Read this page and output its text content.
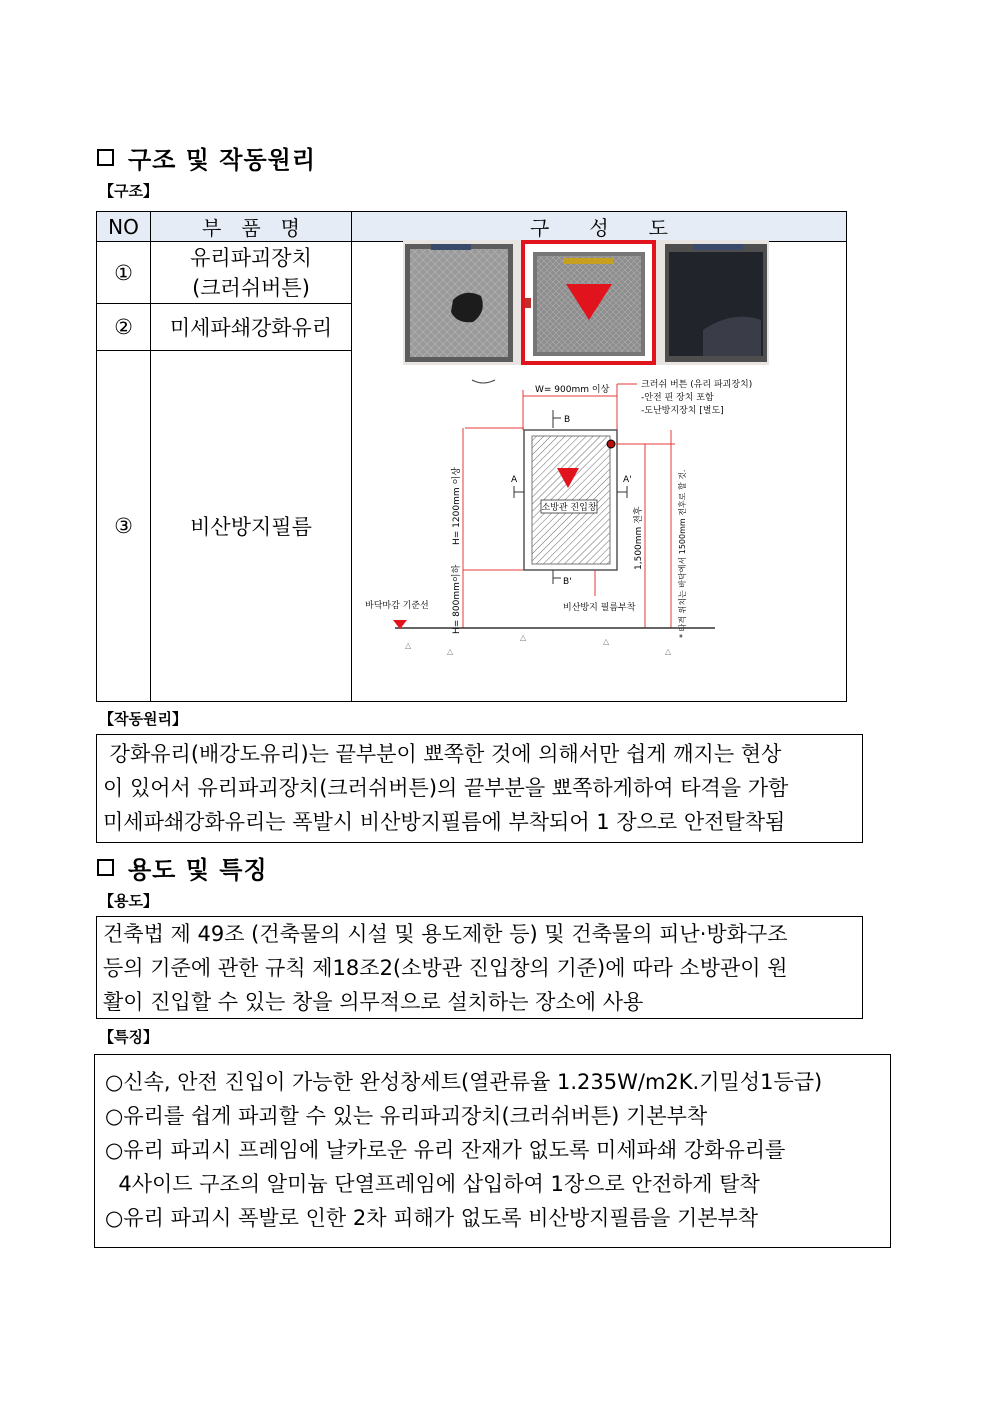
구조 및 작동원리
【구조】
NO	부　품　명	구　　성　　도
①	유리파괴장치
(크러쉬버튼)	

②	미세파쇄강화유리	
③	비산방지필름	
W= 900mm 이상	크러쉬 버튼 (유리 파괴장치)
-안전 핀 장치 포함
-도난방지장치 [별도]
B
소방관 진입창
A	A'
B'
H= 1200mm 이상
H= 800mm이하
1,500mm 전후	* 타격 위치는 바닥에서 1500mm 전후로 할 것.
바닥마감 기준선	비산방지 필름부착
△
△
△	△
△
【작동원리】
강화유리(배강도유리)는 끝부분이 뾰쪽한 것에 의해서만 쉽게 깨지는 현상
이 있어서 유리파괴장치(크러쉬버튼)의 끝부분을 뾰쪽하게하여 타격을 가함
미세파쇄강화유리는 폭발시 비산방지필름에 부착되어 1 장으로 안전탈착됨
용도 및 특징
【용도】
건축법 제 49조 (건축물의 시설 및 용도제한 등) 및 건축물의 피난·방화구조
등의 기준에 관한 규칙 제18조2(소방관 진입창의 기준)에 따라 소방관이 원
활이 진입할 수 있는 창을 의무적으로 설치하는 장소에 사용
【특징】
○신속, 안전 진입이 가능한 완성창세트(열관류율 1.235W/m2K.기밀성1등급)
○유리를 쉽게 파괴할 수 있는 유리파괴장치(크러쉬버튼) 기본부착
○유리 파괴시 프레임에 날카로운 유리 잔재가 없도록 미세파쇄 강화유리를
4사이드 구조의 알미늄 단열프레임에 삽입하여 1장으로 안전하게 탈착
○유리 파괴시 폭발로 인한 2차 피해가 없도록 비산방지필름을 기본부착
